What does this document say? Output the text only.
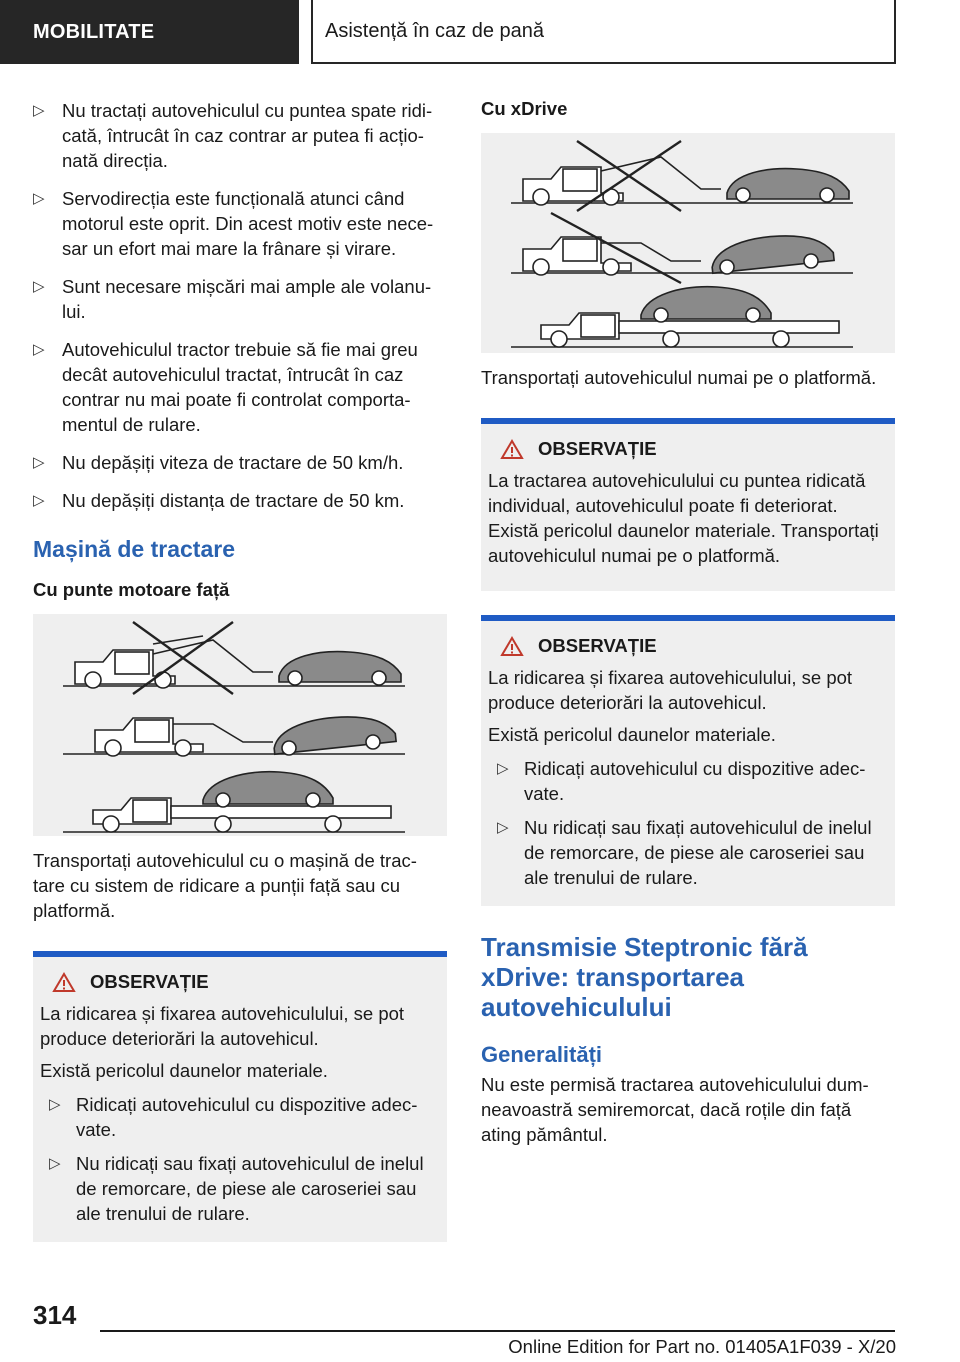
MOBILITATE	Asistență în caz de pană
▷ Nu tractați autovehiculul cu puntea spate ridi‐ cată, întrucât în caz contrar ar putea fi acțio‐ nată direcția.
▷ Servodirecția este funcțională atunci când motorul este oprit. Din acest motiv este nece‐ sar un efort mai mare la frânare și virare.
▷ Sunt necesare mișcări mai ample ale volanu‐ lui.
▷ Autovehiculul tractor trebuie să fie mai greu decât autovehiculul tractat, întrucât în caz contrar nu mai poate fi controlat comporta‐ mentul de rulare.
▷ Nu depășiți viteza de tractare de 50 km/h.
▷ Nu depășiți distanța de tractare de 50 km.
Mașină de tractare
Cu punte motoare față
Transportați autovehiculul cu o mașină de trac‐ tare cu sistem de ridicare a punții față sau cu platformă.
OBSERVAȚIE

La ridicarea și fixarea autovehiculului, se pot produce deteriorări la autovehicul.

Există pericolul daunelor materiale.

▷ Ridicați autovehiculul cu dispozitive adec‐ vate.
▷ Nu ridicați sau fixați autovehiculul de inelul de remorcare, de piese ale caroseriei sau ale trenului de rulare.
Cu xDrive
Transportați autovehiculul numai pe o platformă.
OBSERVAȚIE

La tractarea autovehiculului cu puntea ridicată individual, autovehiculul poate fi deteriorat. Există pericolul daunelor materiale. Transportați autovehiculul numai pe o platformă.

OBSERVAȚIE

La ridicarea și fixarea autovehiculului, se pot produce deteriorări la autovehicul.

Există pericolul daunelor materiale.

▷ Ridicați autovehiculul cu dispozitive adec‐ vate.
▷ Nu ridicați sau fixați autovehiculul de inelul de remorcare, de piese ale caroseriei sau ale trenului de rulare.
Transmisie Steptronic fără xDrive: transportarea autovehiculului
Generalități
Nu este permisă tractarea autovehiculului dum‐ neavoastră semiremorcat, dacă roțile din față ating pământul.
314
Online Edition for Part no. 01405A1F039 - X/20
